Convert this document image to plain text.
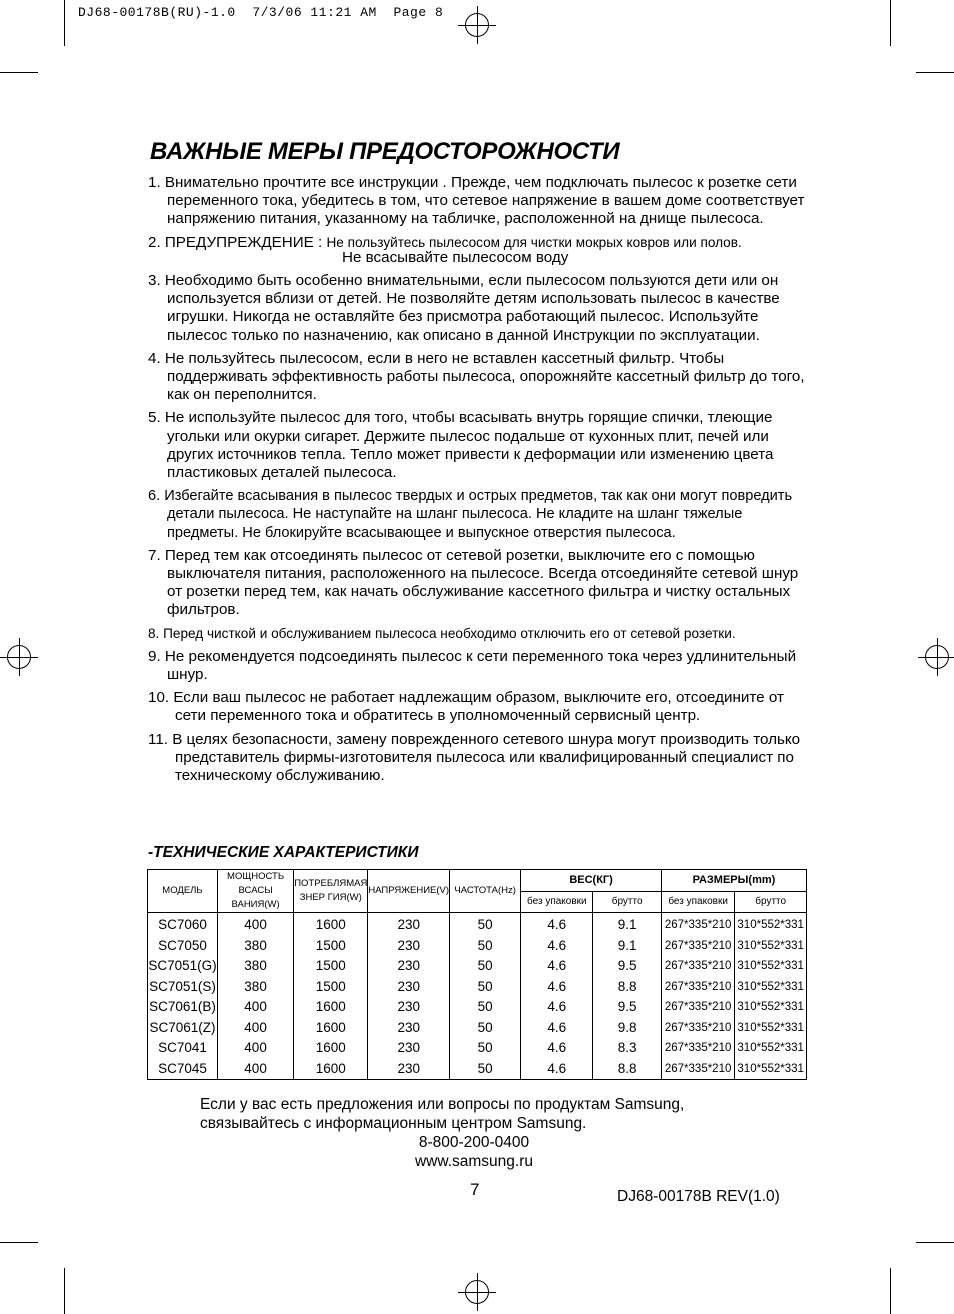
DJ68-00178B(RU)-1.0  7/3/06 11:21 AM  Page 8
ВАЖНЫЕ МЕРЫ ПРЕДОСТОРОЖНОСТИ
1. Внимательно прочтите все инструкции . Прежде, чем подключать пылесос к розетке сети переменного тока, убедитесь в том, что сетевое напряжение в вашем доме соответствует напряжению питания, указанному на табличке, расположенной на днище пылесоса.
2. ПРЕДУПРЕЖДЕНИЕ : Не пользуйтесь пылесосом для чистки мокрых ковров или полов.
Не всасывайте пылесосом воду
3. Необходимо быть особенно внимательными, если пылесосом пользуются дети или он используется вблизи от детей. Не позволяйте детям использовать пылесос в качестве игрушки. Никогда не оставляйте без присмотра работающий пылесос. Используйте пылесос только по назначению, как описано в данной Инструкции по эксплуатации.
4. Не пользуйтесь пылесосом, если в него не вставлен кассетный фильтр. Чтобы поддерживать эффективность работы пылесоса, опорожняйте кассетный фильтр до того, как он переполнится.
5. Не используйте пылесос для того, чтобы всасывать внутрь горящие спички, тлеющие угольки или окурки сигарет. Держите пылесос подальше от кухонных плит, печей или других источников тепла. Тепло может привести к деформации или изменению цвета пластиковых деталей пылесоса.
6. Избегайте всасывания в пылесос твердых и острых предметов, так как они могут повредить детали пылесоса. Не наступайте на шланг пылесоса. Не кладите на шланг тяжелые предметы. Не блокируйте всасывающее и выпускное отверстия пылесоса.
7. Перед тем как отсоединять пылесос от сетевой розетки, выключите его с помощью выключателя питания, расположенного на пылесосе. Всегда отсоединяйте сетевой шнур от розетки перед тем, как начать обслуживание кассетного фильтра и чистку остальных фильтров.
8. Перед чисткой и обслуживанием пылесоса необходимо отключить его от сетевой розетки.
9. Не рекомендуется подсоединять пылесос к сети переменного тока через удлинительный шнур.
10. Если ваш пылесос не работает надлежащим образом, выключите его, отсоедините от сети переменного тока и обратитесь в уполномоченный сервисный центр.
11. В целях безопасности, замену поврежденного сетевого шнура могут производить только представитель фирмы-изготовителя пылесоса или квалифицированный специалист по техническому обслуживанию.
-ТЕХНИЧЕСКИЕ ХАРАКТЕРИСТИКИ
МОДЕЛЬ	МОЩНОСТЬ ВСАСЫ ВАНИЯ(W)	ПОТРЕБЛЯМАЯ ЗНЕР ГИЯ(W)	НАПРЯЖЕНИЕ(V)	ЧАСТОТА(Hz)	ВЕС(КГ)		РАЗМЕРЫ(mm)	
					без упаковки	брутто	без упаковки	брутто
SC7060	400	1600	230	50	4.6	9.1	267*335*210	310*552*331
SC7050	380	1500	230	50	4.6	9.1	267*335*210	310*552*331
SC7051(G)	380	1500	230	50	4.6	9.5	267*335*210	310*552*331
SC7051(S)	380	1500	230	50	4.6	8.8	267*335*210	310*552*331
SC7061(B)	400	1600	230	50	4.6	9.5	267*335*210	310*552*331
SC7061(Z)	400	1600	230	50	4.6	9.8	267*335*210	310*552*331
SC7041	400	1600	230	50	4.6	8.3	267*335*210	310*552*331
SC7045	400	1600	230	50	4.6	8.8	267*335*210	310*552*331
Если у вас есть предложения или вопросы по продуктам Samsung,
связывайтесь с информационным центром Samsung.
8-800-200-0400
www.samsung.ru
7	DJ68-00178B REV(1.0)
